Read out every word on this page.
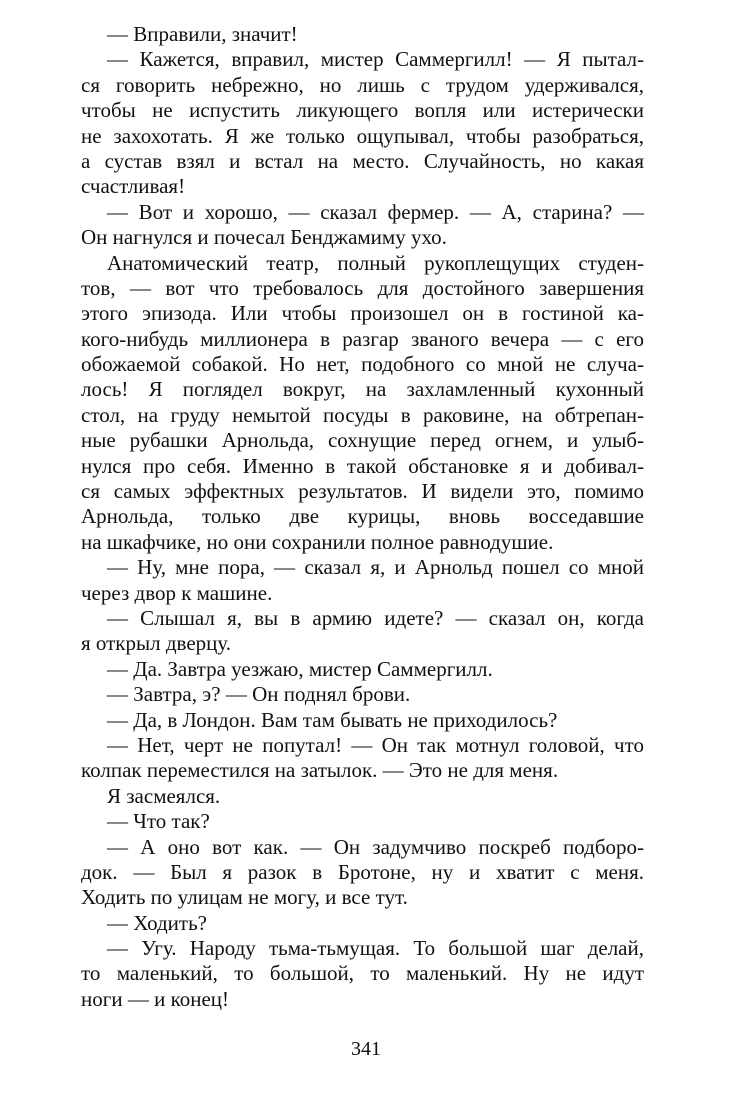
— Вправили, значит!
— Кажется, вправил, мистер Саммергилл! — Я пытал-
ся говорить небрежно, но лишь с трудом удерживался,
чтобы не испустить ликующего вопля или истерически
не захохотать. Я же только ощупывал, чтобы разобраться,
а сустав взял и встал на место. Случайность, но какая
счастливая!
— Вот и хорошо, — сказал фермер. — А, старина? —
Он нагнулся и почесал Бенджамиму ухо.
Анатомический театр, полный рукоплещущих студен-
тов, — вот что требовалось для достойного завершения
этого эпизода. Или чтобы произошел он в гостиной ка-
кого-нибудь миллионера в разгар званого вечера — с его
обожаемой собакой. Но нет, подобного со мной не случа-
лось! Я поглядел вокруг, на захламленный кухонный
стол, на груду немытой посуды в раковине, на обтрепан-
ные рубашки Арнольда, сохнущие перед огнем, и улыб-
нулся про себя. Именно в такой обстановке я и добивал-
ся самых эффектных результатов. И видели это, помимо
Арнольда, только две курицы, вновь восседавшие
на шкафчике, но они сохранили полное равнодушие.
— Ну, мне пора, — сказал я, и Арнольд пошел со мной
через двор к машине.
— Слышал я, вы в армию идете? — сказал он, когда
я открыл дверцу.
— Да. Завтра уезжаю, мистер Саммергилл.
— Завтра, э? — Он поднял брови.
— Да, в Лондон. Вам там бывать не приходилось?
— Нет, черт не попутал! — Он так мотнул головой, что
колпак переместился на затылок. — Это не для меня.
Я засмеялся.
— Что так?
— А оно вот как. — Он задумчиво поскреб подборо-
док. — Был я разок в Бротоне, ну и хватит с меня.
Ходить по улицам не могу, и все тут.
— Ходить?
— Угу. Народу тьма-тьмущая. То большой шаг делай,
то маленький, то большой, то маленький. Ну не идут
ноги — и конец!
341
